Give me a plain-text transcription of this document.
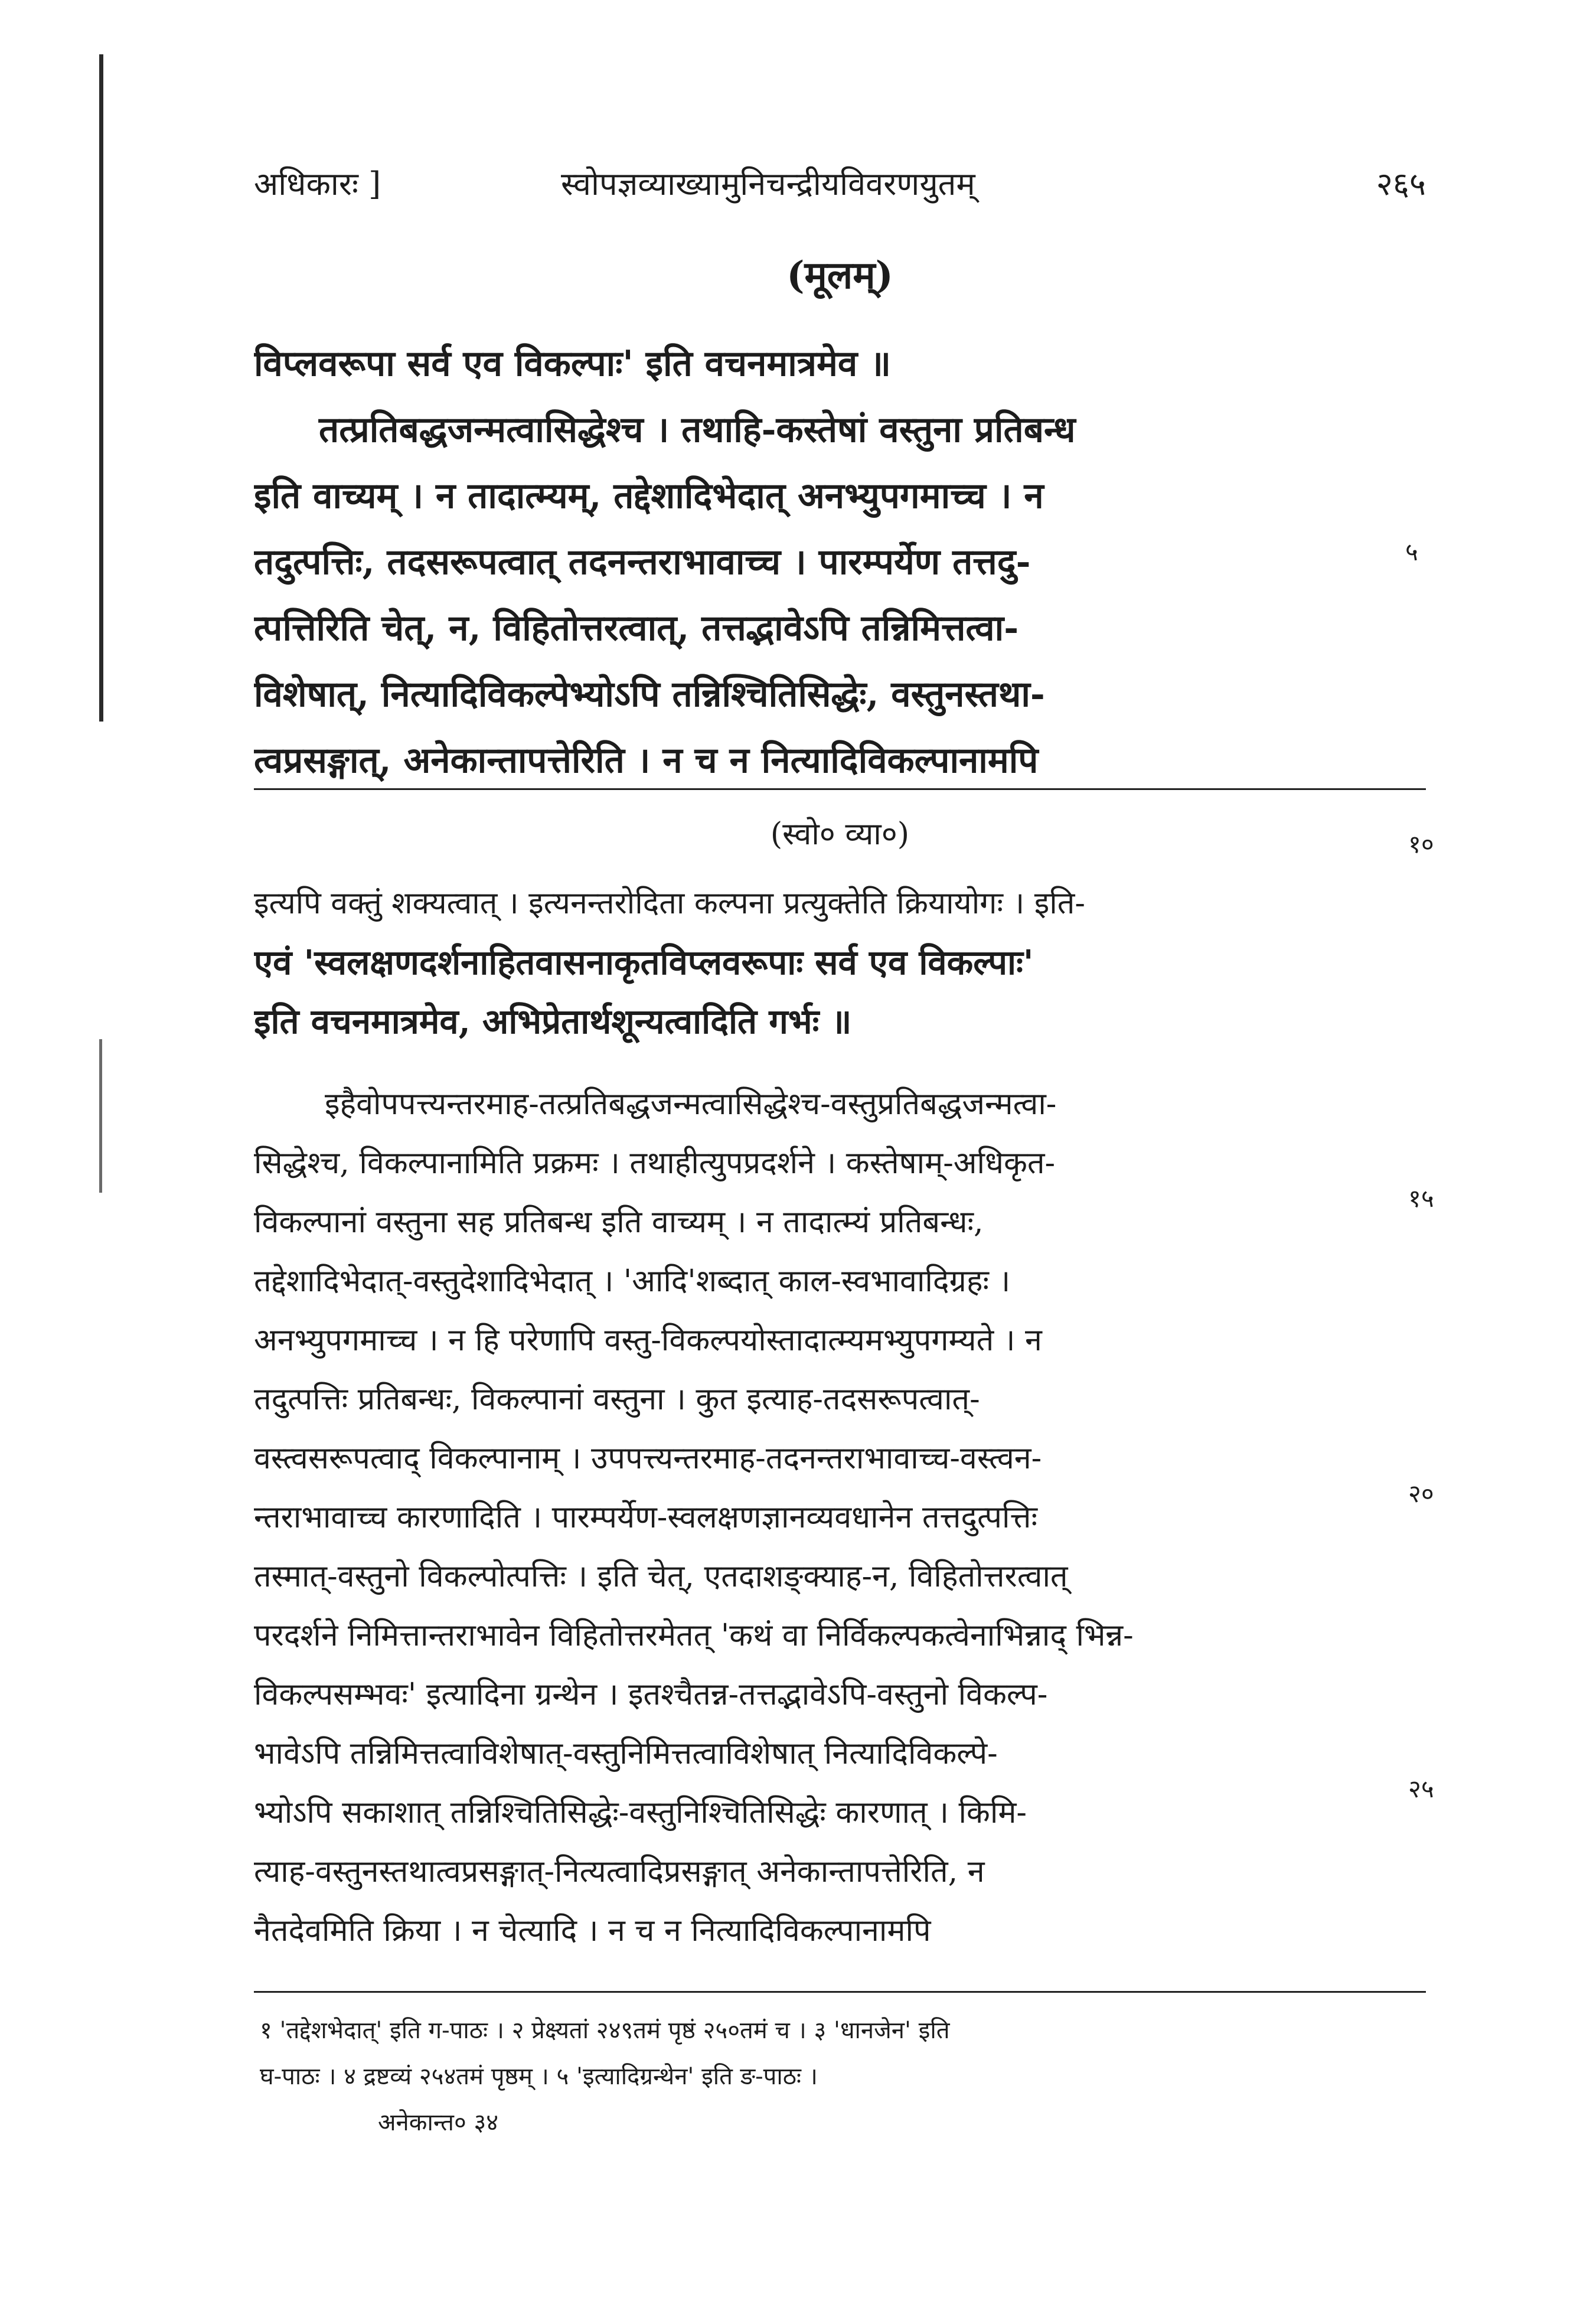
अधिकारः ]	स्वोपज्ञव्याख्यामुनिचन्द्रीयविवरणयुतम्	२६५
(मूलम्)
विप्लवरूपा सर्व एव विकल्पाः' इति वचनमात्रमेव ॥
तत्प्रतिबद्धजन्मत्वासिद्धेश्च । तथाहि-कस्तेषां वस्तुना प्रतिबन्ध
इति वाच्यम् । न तादात्म्यम्, तद्देशादिभेदात् अनभ्युपगमाच्च । न
तदुत्पत्तिः, तदसरूपत्वात् तदनन्तराभावाच्च । पारम्पर्येण तत्तदु-
त्पत्तिरिति चेत्, न, विहितोत्तरत्वात्, तत्तद्भावेऽपि तन्निमित्तत्वा-
विशेषात्, नित्यादिविकल्पेभ्योऽपि तन्निश्चितिसिद्धेः, वस्तुनस्तथा-
त्वप्रसङ्गात्, अनेकान्तापत्तेरिति । न च न नित्यादिविकल्पानामपि
५
(स्वो० व्या०)	१०
इत्यपि वक्तुं शक्यत्वात् । इत्यनन्तरोदिता कल्पना प्रत्युक्तेति क्रियायोगः । इति-
एवं 'स्वलक्षणदर्शनाहितवासनाकृतविप्लवरूपाः सर्व एव विकल्पाः'
इति वचनमात्रमेव, अभिप्रेतार्थशून्यत्वादिति गर्भः ॥
इहैवोपपत्त्यन्तरमाह-तत्प्रतिबद्धजन्मत्वासिद्धेश्च-वस्तुप्रतिबद्धजन्मत्वा-
सिद्धेश्च, विकल्पानामिति प्रक्रमः । तथाहीत्युपप्रदर्शने । कस्तेषाम्-अधिकृत-
विकल्पानां वस्तुना सह प्रतिबन्ध इति वाच्यम् । न तादात्म्यं प्रतिबन्धः,
तद्देशादिभेदात्-वस्तुदेशादिभेदात् । 'आदि'शब्दात् काल-स्वभावादिग्रहः ।
अनभ्युपगमाच्च । न हि परेणापि वस्तु-विकल्पयोस्तादात्म्यमभ्युपगम्यते । न
तदुत्पत्तिः प्रतिबन्धः, विकल्पानां वस्तुना । कुत इत्याह-तदसरूपत्वात्-
वस्त्वसरूपत्वाद् विकल्पानाम् । उपपत्त्यन्तरमाह-तदनन्तराभावाच्च-वस्त्वन-
न्तराभावाच्च कारणादिति । पारम्पर्येण-स्वलक्षणज्ञानव्यवधानेन तत्तदुत्पत्तिः
तस्मात्-वस्तुनो विकल्पोत्पत्तिः । इति चेत्, एतदाशङ्क्याह-न, विहितोत्तरत्वात्
परदर्शने निमित्तान्तराभावेन विहितोत्तरमेतत् 'कथं वा निर्विकल्पकत्वेनाभिन्नाद् भिन्न-
विकल्पसम्भवः' इत्यादिना ग्रन्थेन । इतश्चैतन्न-तत्तद्भावेऽपि-वस्तुनो विकल्प-
भावेऽपि तन्निमित्तत्वाविशेषात्-वस्तुनिमित्तत्वाविशेषात् नित्यादिविकल्पे-
भ्योऽपि सकाशात् तन्निश्चितिसिद्धेः-वस्तुनिश्चितिसिद्धेः कारणात् । किमि-
त्याह-वस्तुनस्तथात्वप्रसङ्गात्-नित्यत्वादिप्रसङ्गात् अनेकान्तापत्तेरिति, न
नैतदेवमिति क्रिया । न चेत्यादि । न च न नित्यादिविकल्पानामपि
१५
२०
२५
१ 'तद्देशभेदात्' इति ग-पाठः । २ प्रेक्ष्यतां २४९तमं पृष्ठं २५०तमं च । ३ 'धानजेन' इति
घ-पाठः । ४ द्रष्टव्यं २५४तमं पृष्ठम् । ५ 'इत्यादिग्रन्थेन' इति ङ-पाठः ।
अनेकान्त० ३४
